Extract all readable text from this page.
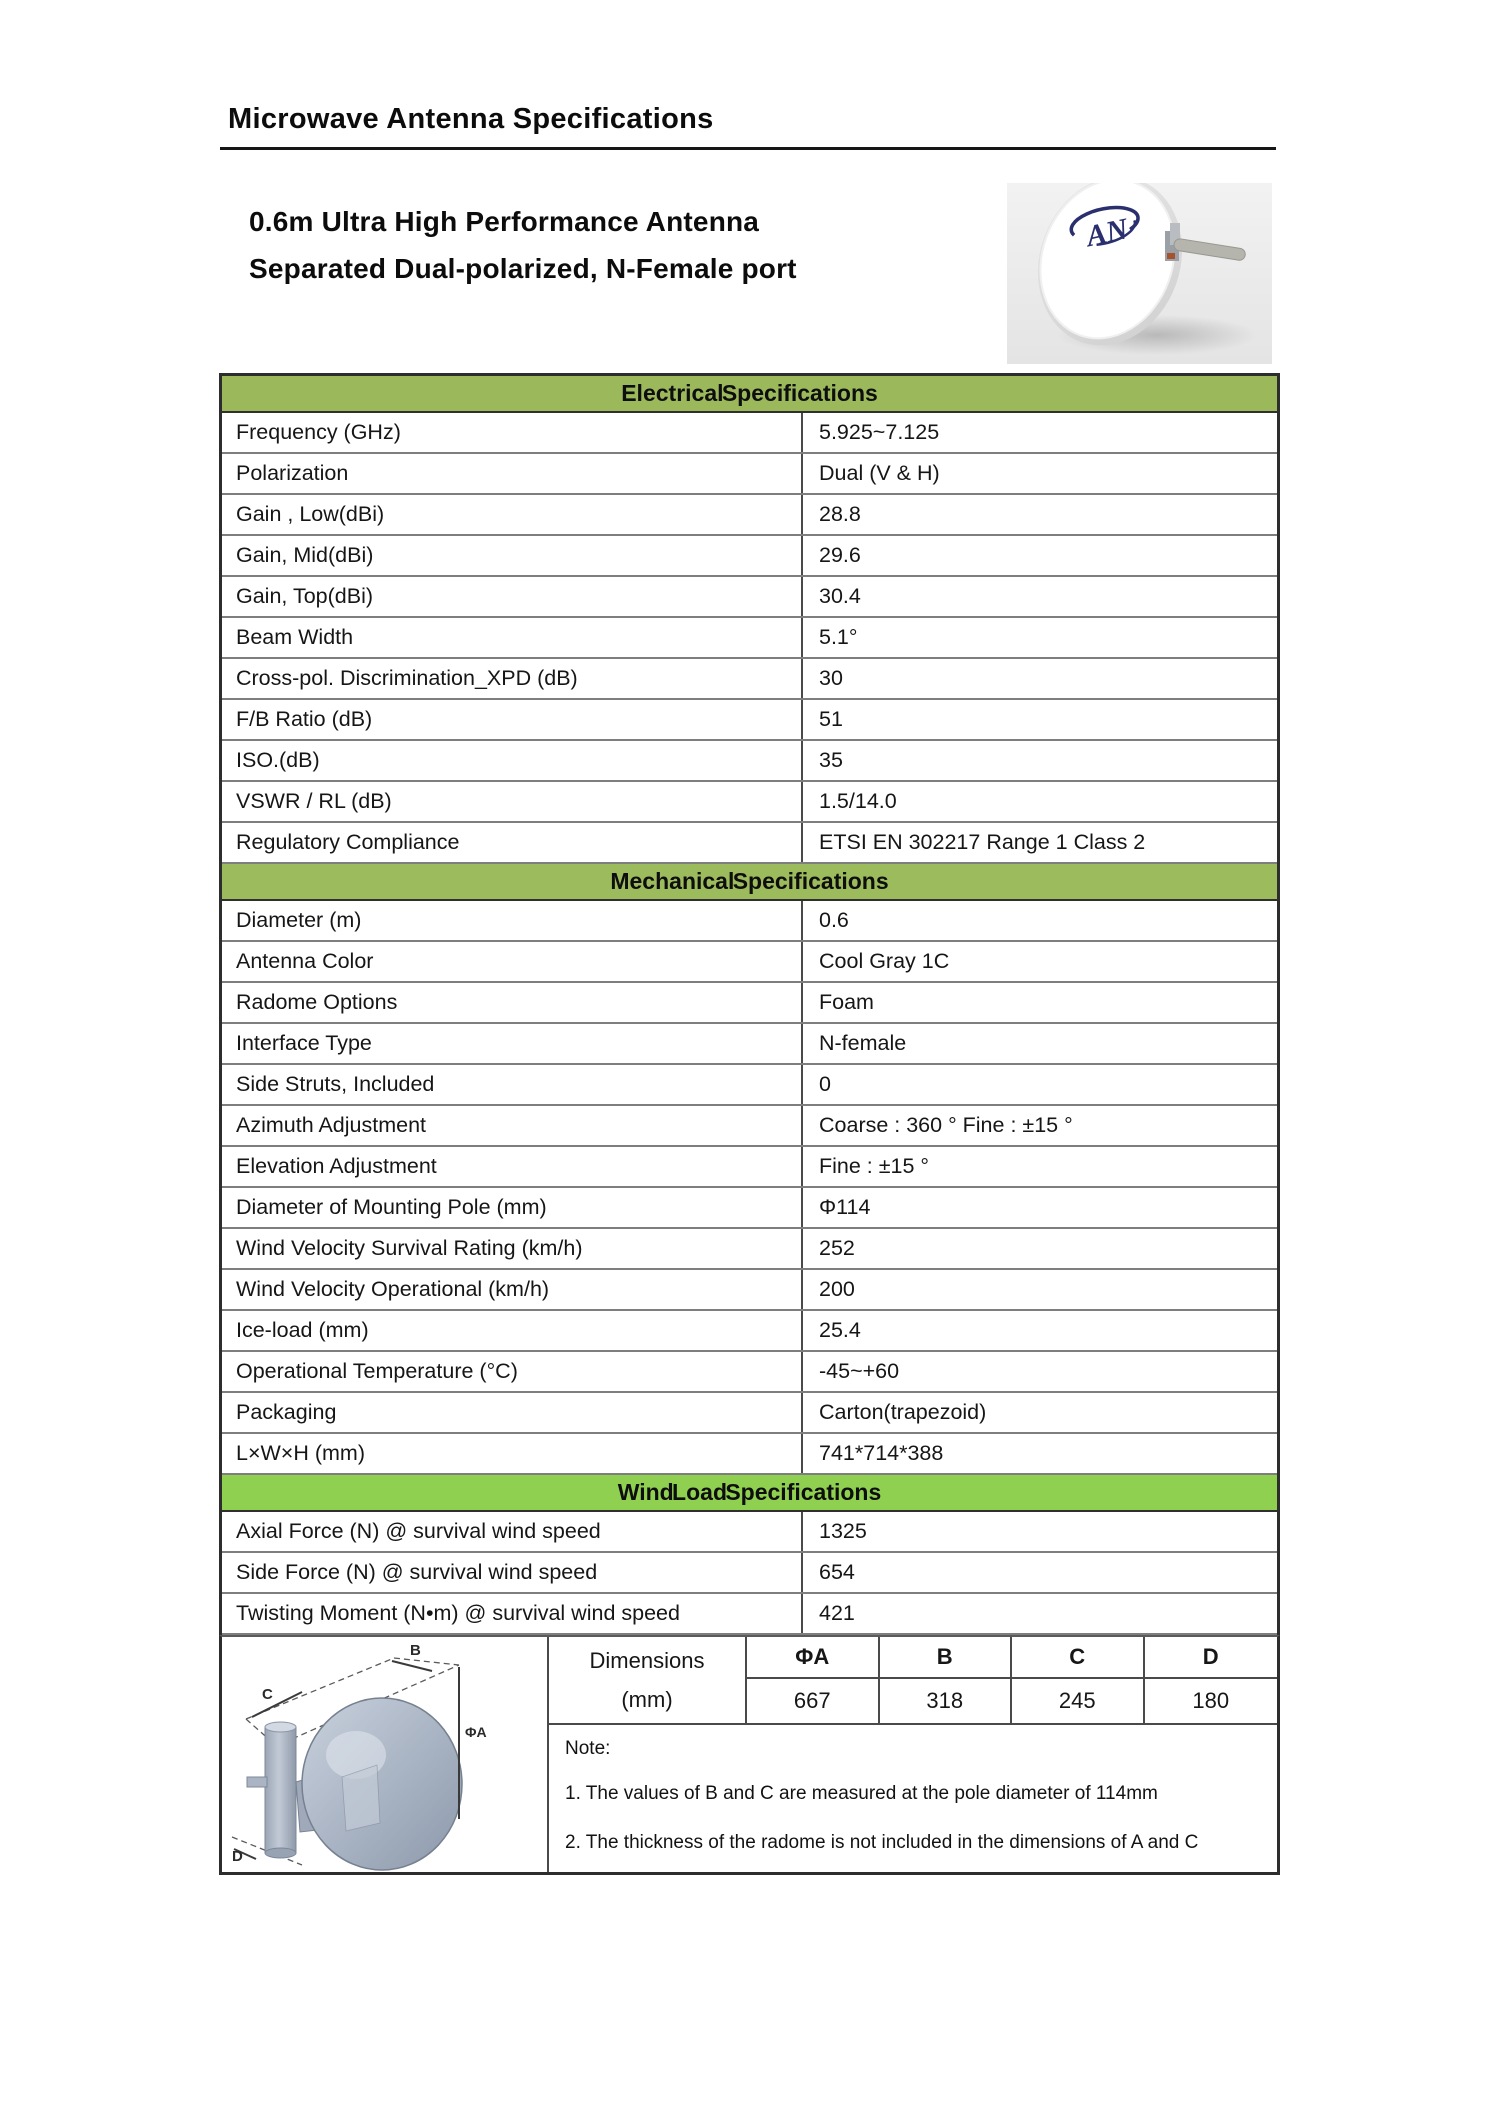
Microwave Antenna Specifications
0.6m Ultra High Performance Antenna
Separated Dual-polarized, N-Female port
AN
Electrical Specifications
Frequency (GHz)	5.925~7.125
Polarization	Dual (V & H)
Gain , Low(dBi)	28.8
Gain, Mid(dBi)	29.6
Gain, Top(dBi)	30.4
Beam Width	5.1°
Cross-pol. Discrimination_XPD (dB)	30
F/B Ratio (dB)	51
ISO.(dB)	35
VSWR / RL (dB)	1.5/14.0
Regulatory Compliance	ETSI EN 302217 Range 1 Class 2
Mechanical Specifications
Diameter (m)	0.6
Antenna Color	Cool Gray 1C
Radome Options	Foam
Interface Type	N-female
Side Struts, Included	0
Azimuth Adjustment	Coarse : 360 ° Fine : ±15 °
Elevation Adjustment	Fine : ±15 °
Diameter of Mounting Pole (mm)	Φ114
Wind Velocity Survival Rating (km/h)	252
Wind Velocity Operational (km/h)	200
Ice-load (mm)	25.4
Operational Temperature (°C)	-45~+60
Packaging	Carton(trapezoid)
L×W×H (mm)	741*714*388
Wind Load Specifications
Axial Force (N) @ survival wind speed	1325
Side Force (N) @ survival wind speed	654
Twisting Moment (N•m) @ survival wind speed	421
B
C
ΦA
D
Dimensions
(mm)
ΦA	B	C	D
667	318	245	180
Note:
1. The values of B and C are measured at the pole diameter of 114mm
2. The thickness of the radome is not included in the dimensions of A and C
